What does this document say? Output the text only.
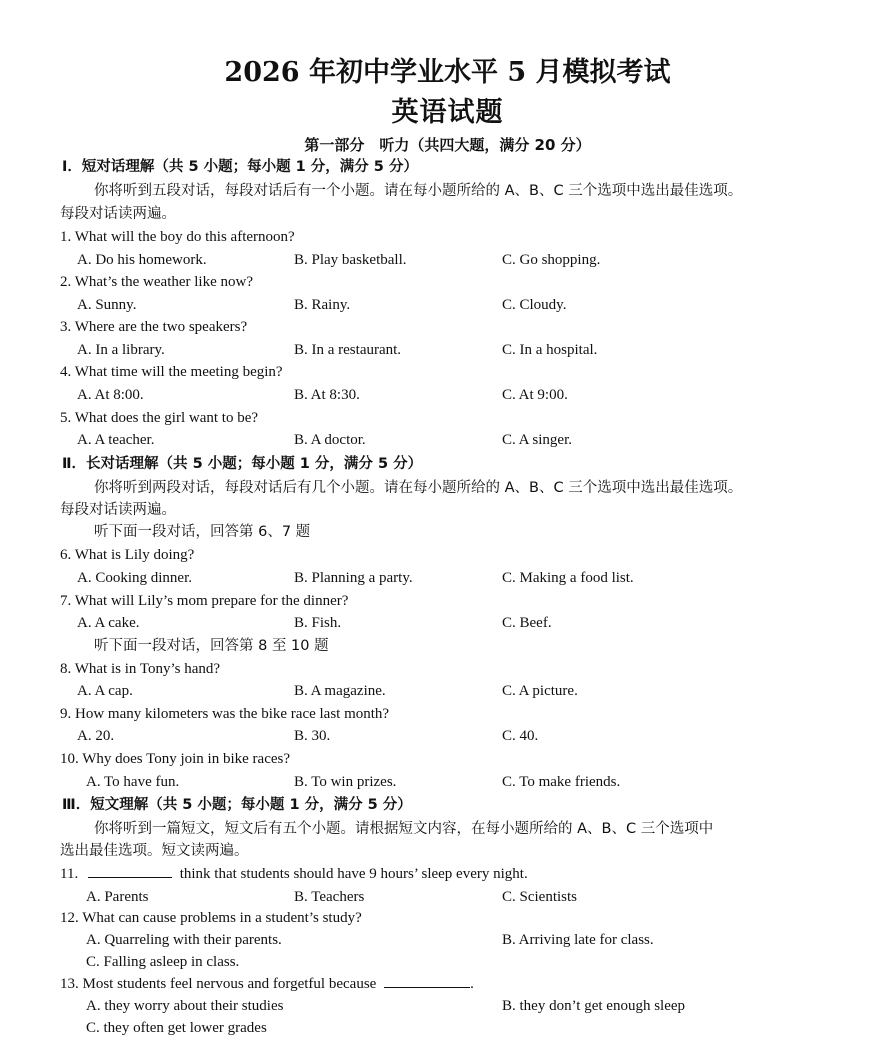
2026 年初中学业水平 5 月模拟考试
英语试题
第一部分　听力（共四大题，满分 20 分）
Ⅰ．短对话理解（共 5 小题；每小题 1 分，满分 5 分）
你将听到五段对话，每段对话后有一个小题。请在每小题所给的 A、B、C 三个选项中选出最佳选项。
每段对话读两遍。
1. What will the boy do this afternoon?
A. Do his homework.	B. Play basketball.	C. Go shopping.
2. What’s the weather like now?
A. Sunny.	B. Rainy.	C. Cloudy.
3. Where are the two speakers?
A. In a library.	B. In a restaurant.	C. In a hospital.
4. What time will the meeting begin?
A. At 8:00.	B. At 8:30.	C. At 9:00.
5. What does the girl want to be?
A. A teacher.	B. A doctor.	C. A singer.
Ⅱ．长对话理解（共 5 小题；每小题 1 分，满分 5 分）
你将听到两段对话，每段对话后有几个小题。请在每小题所给的 A、B、C 三个选项中选出最佳选项。
每段对话读两遍。
听下面一段对话，回答第 6、7 题
6. What is Lily doing?
A. Cooking dinner.	B. Planning a party.	C. Making a food list.
7. What will Lily’s mom prepare for the dinner?
A. A cake.	B. Fish.	C. Beef.
听下面一段对话，回答第 8 至 10 题
8. What is in Tony’s hand?
A. A cap.	B. A magazine.	C. A picture.
9. How many kilometers was the bike race last month?
A. 20.	B. 30.	C. 40.
10. Why does Tony join in bike races?
A. To have fun.	B. To win prizes.	C. To make friends.
Ⅲ．短文理解（共 5 小题；每小题 1 分，满分 5 分）
你将听到一篇短文，短文后有五个小题。请根据短文内容，在每小题所给的 A、B、C 三个选项中
选出最佳选项。短文读两遍。
11.	think that students should have 9 hours’ sleep every night.
A. Parents	B. Teachers	C. Scientists
12. What can cause problems in a student’s study?
A. Quarreling with their parents.	B. Arriving late for class.
C. Falling asleep in class.
13. Most students feel nervous and forgetful because	.
A. they worry about their studies	B. they don’t get enough sleep
C. they often get lower grades
